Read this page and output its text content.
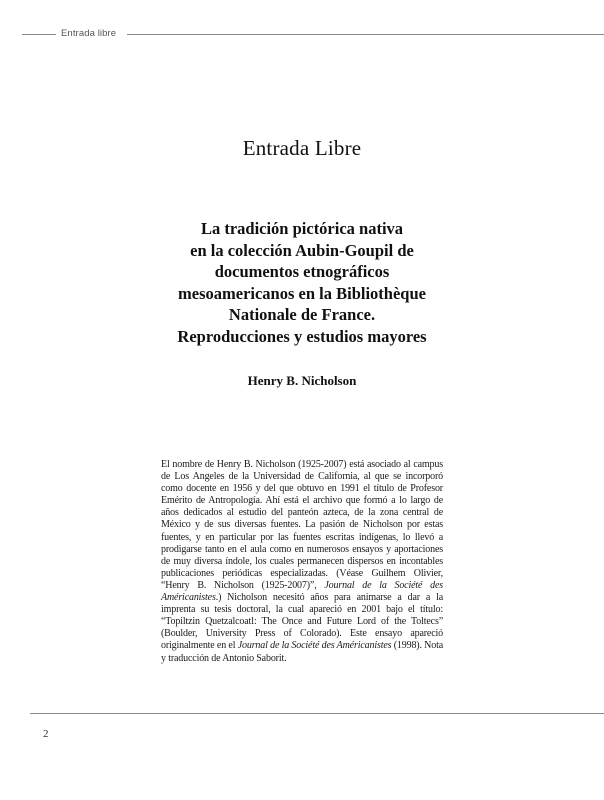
Entrada libre
Entrada Libre
La tradición pictórica nativa
en la colección Aubin-Goupil de
documentos etnográficos
mesoamericanos en la Bibliothèque
Nationale de France.
Reproducciones y estudios mayores
Henry B. Nicholson

El nombre de Henry B. Nicholson (1925-2007) está asociado al campus de Los Angeles de la Universidad de California, al que se incorporó como docente en 1956 y del que obtuvo en 1991 el título de Profesor Emérito de Antropología. Ahí está el archivo que formó a lo largo de años dedicados al estudio del panteón azteca, de la zona central de México y de sus diversas fuentes. La pasión de Nicholson por estas fuentes, y en particular por las fuentes escritas indígenas, lo llevó a prodigarse tanto en el aula como en numerosos ensayos y aportaciones de muy diversa índole, los cuales permanecen dispersos en incontables publicaciones periódicas especializadas. (Véase Guilhem Olivier, “Henry B. Nicholson (1925-2007)”, Journal de la Société des Américanistes.) Nicholson necesitó años para animarse a dar a la imprenta su tesis doctoral, la cual apareció en 2001 bajo el título: “Topiltzin Quetzalcoatl: The Once and Future Lord of the Toltecs” (Boulder, University Press of Colorado). Este ensayo apareció originalmente en el Journal de la Société des Américanistes (1998). Nota y traducción de Antonio Saborit.

2
